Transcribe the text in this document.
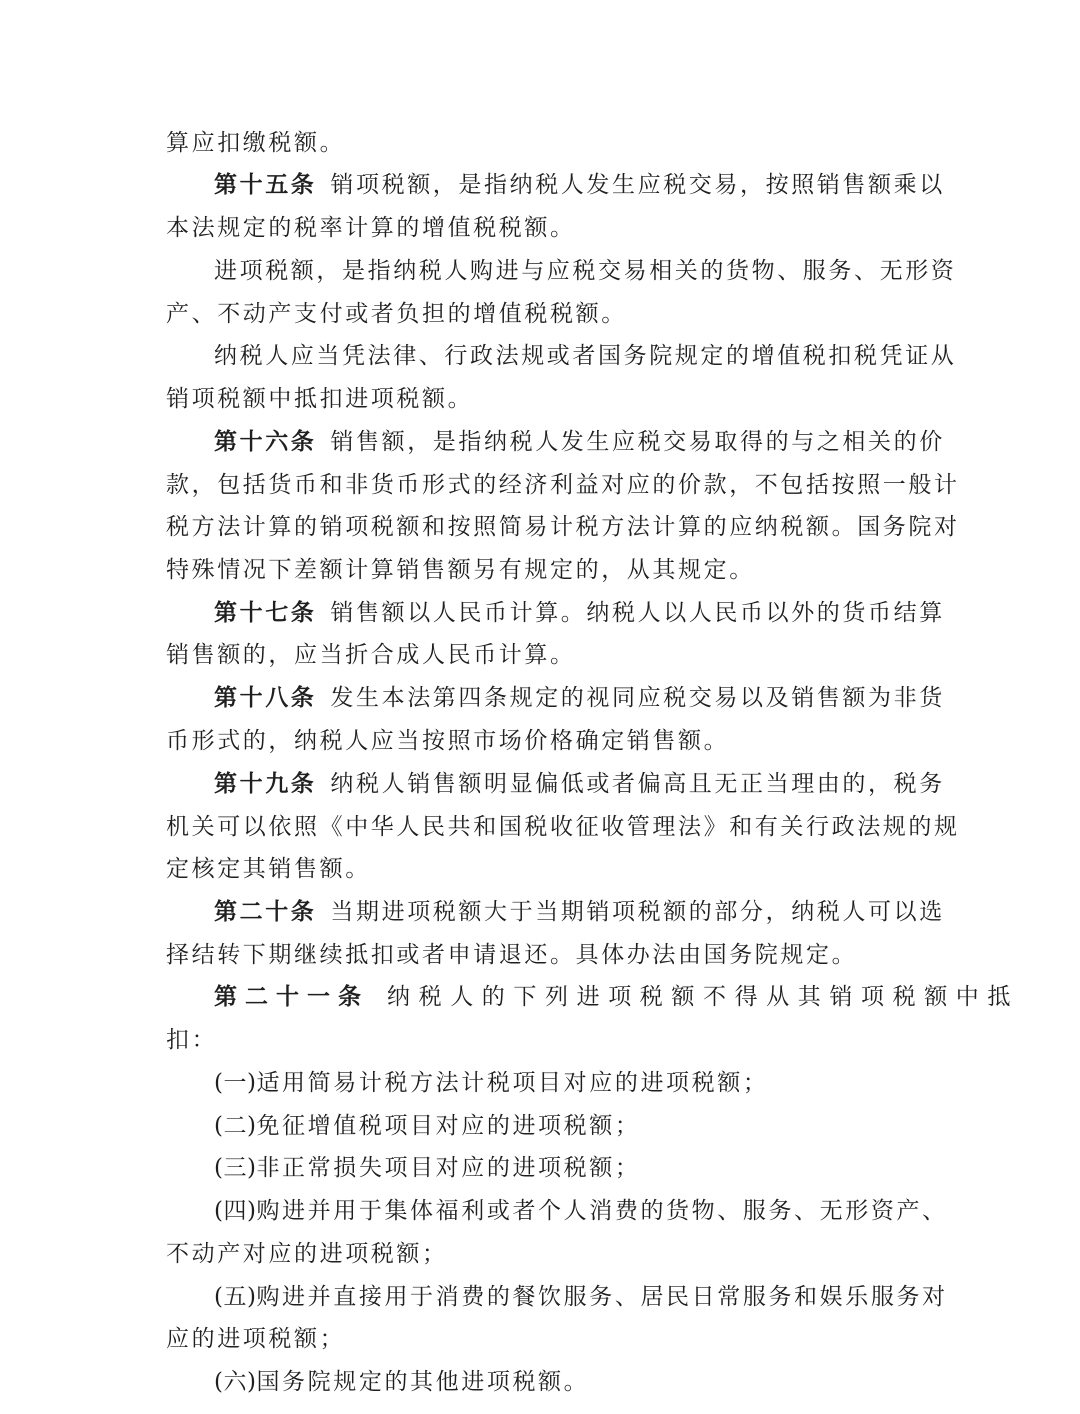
算应扣缴税额。
第十五条 销项税额，是指纳税人发生应税交易，按照销售额乘以
本法规定的税率计算的增值税税额。
进项税额，是指纳税人购进与应税交易相关的货物、服务、无形资
产、不动产支付或者负担的增值税税额。
纳税人应当凭法律、行政法规或者国务院规定的增值税扣税凭证从
销项税额中抵扣进项税额。
第十六条 销售额，是指纳税人发生应税交易取得的与之相关的价
款，包括货币和非货币形式的经济利益对应的价款，不包括按照一般计
税方法计算的销项税额和按照简易计税方法计算的应纳税额。国务院对
特殊情况下差额计算销售额另有规定的，从其规定。
第十七条 销售额以人民币计算。纳税人以人民币以外的货币结算
销售额的，应当折合成人民币计算。
第十八条 发生本法第四条规定的视同应税交易以及销售额为非货
币形式的，纳税人应当按照市场价格确定销售额。
第十九条 纳税人销售额明显偏低或者偏高且无正当理由的，税务
机关可以依照《中华人民共和国税收征收管理法》和有关行政法规的规
定核定其销售额。
第二十条 当期进项税额大于当期销项税额的部分，纳税人可以选
择结转下期继续抵扣或者申请退还。具体办法由国务院规定。
第二十一条 纳税人的下列进项税额不得从其销项税额中抵
扣：
(一)适用简易计税方法计税项目对应的进项税额；
(二)免征增值税项目对应的进项税额；
(三)非正常损失项目对应的进项税额；
(四)购进并用于集体福利或者个人消费的货物、服务、无形资产、
不动产对应的进项税额；
(五)购进并直接用于消费的餐饮服务、居民日常服务和娱乐服务对
应的进项税额；
(六)国务院规定的其他进项税额。
